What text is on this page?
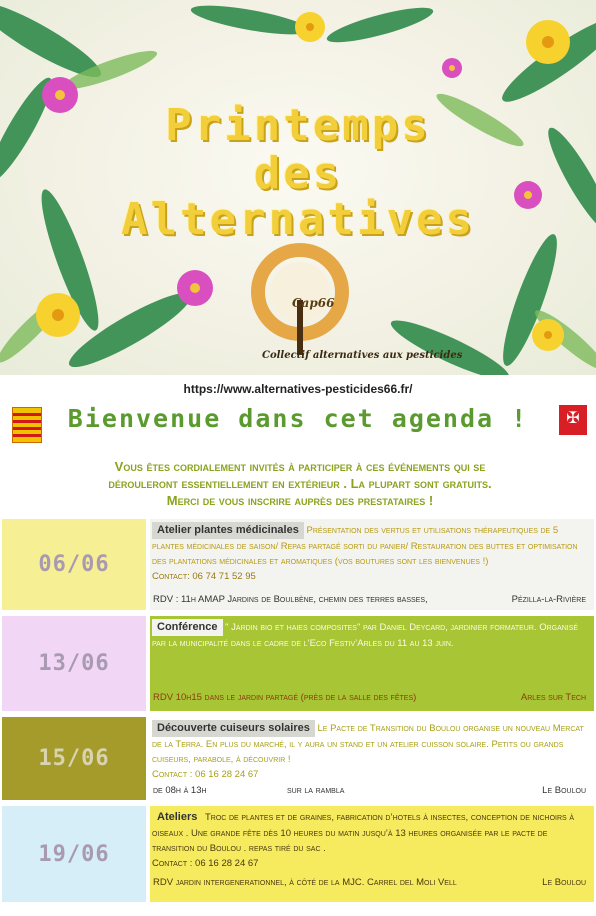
Printemps
des
Alternatives
Cap66
Collectif alternatives aux pesticides
https://www.alternatives-pesticides66.fr/
Bienvenue dans cet agenda !	✠
Vous êtes cordialement invités à participer à ces événements qui se
dérouleront essentiellement en extérieur . La plupart sont gratuits.
Merci de vous inscrire auprès des prestataires !
06/06
Atelier plantes médicinales Présentation des vertus et utilisations thérapeutiques de 5 plantes médicinales de saison/ Repas partagé sorti du panier/ Restauration des buttes et optimisation des plantations médicinales et aromatiques (vos boutures sont les bienvenues !)
Contact: 06 74 71 52 95
RDV : 11h AMAP Jardins de Boulbène, chemin des terres basses,	Pézilla-la-Rivière
13/06
Conférence " Jardin bio et haies composites" par Daniel Deycard, jardinier formateur. Organisé par la municipalité dans le cadre de l’Eco Festiv’Arles du 11 au 13 juin.
RDV 10h15 dans le jardin partagé (près de la salle des fêtes)	Arles sur Tech
15/06
Découverte cuiseurs solaires Le Pacte de Transition du Boulou organise un nouveau Mercat de la Terra. En plus du marché, il y aura un stand et un atelier cuisson solaire. Petits ou grands cuiseurs, parabole, à découvrir !
Contact : 06 16 28 24 67
de 08h à 13h	sur la rambla	Le Boulou
19/06
Ateliers Troc de plantes et de graines, fabrication d’hotels à insectes, conception de nichoirs à oiseaux . Une grande fête dès 10 heures du matin jusqu’à 13 heures organisée par le pacte de transition du Boulou . repas tiré du sac .
Contact : 06 16 28 24 67
RDV jardin intergenerationnel, à côté de la MJC. Carrel del Moli Vell	Le Boulou
